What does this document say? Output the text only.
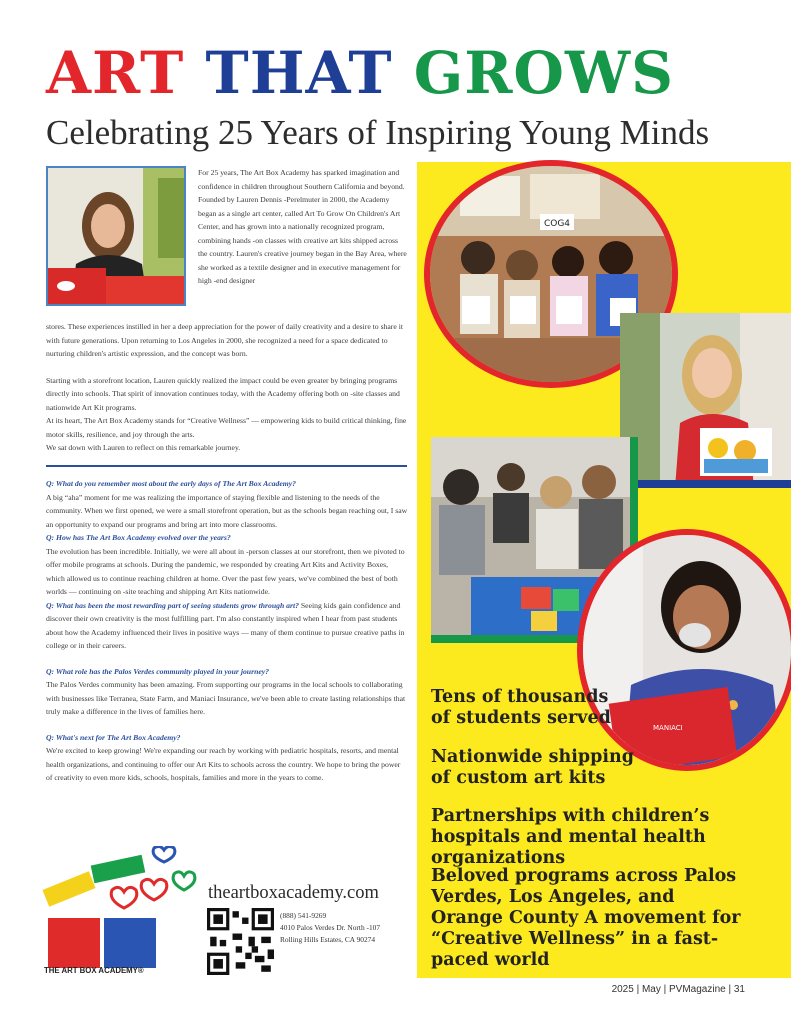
ART THAT GROWS
Celebrating 25 Years of Inspiring Young Minds
For 25 years, The Art Box Academy has sparked imagination and confidence in children throughout Southern California and beyond. Founded by Lauren Dennis -Perelmuter in 2000, the Academy began as a single art center, called Art To Grow On Children's Art Center, and has grown into a nationally recognized program, combining hands -on classes with creative art kits shipped across the country. Lauren's creative journey began in the Bay Area, where she worked as a textile designer and in executive management for high -end designer

stores. These experiences instilled in her a deep appreciation for the power of daily creativity and a desire to share it with future generations. Upon returning to Los Angeles in 2000, she recognized a need for a space dedicated to nurturing children's artistic expression, and the concept was born.

Starting with a storefront location, Lauren quickly realized the impact could be even greater by bringing programs directly into schools. That spirit of innovation continues today, with the Academy offering both on -site classes and nationwide Art Kit programs.

At its heart, The Art Box Academy stands for “Creative Wellness” — empowering kids to build critical thinking, fine motor skills, resilience, and joy through the arts.

We sat down with Lauren to reflect on this remarkable journey.

Q: What do you remember most about the early days of The Art Box Academy?

A big “aha” moment for me was realizing the importance of staying flexible and listening to the needs of the community. When we first opened, we were a small storefront operation, but as the schools began reaching out, I saw an opportunity to expand our programs and bring art into more classrooms.

Q: How has The Art Box Academy evolved over the years?

The evolution has been incredible. Initially, we were all about in -person classes at our storefront, then we pivoted to offer mobile programs at schools. During the pandemic, we responded by creating Art Kits and Activity Boxes, which allowed us to continue reaching children at home. Over the past few years, we've combined the best of both worlds — continuing on -site teaching and shipping Art Kits nationwide.

Q: What has been the most rewarding part of seeing students grow through art? Seeing kids gain confidence and discover their own creativity is the most fulfilling part. I'm also constantly inspired when I hear from past students about how the Academy influenced their lives in positive ways — many of them continue to pursue creative paths in college or in their careers.

Q: What role has the Palos Verdes community played in your journey?

The Palos Verdes community has been amazing. From supporting our programs in the local schools to collaborating with businesses like Terranea, State Farm, and Maniaci Insurance, we've been able to create lasting relationships that truly make a difference in the lives of families here.

Q: What's next for The Art Box Academy?

We're excited to keep growing! We're expanding our reach by working with pediatric hospitals, resorts, and mental health organizations, and continuing to offer our Art Kits to schools across the country. We hope to bring the power of creativity to even more kids, schools, hospitals, families and more in the years to come.

COG4
MANIACI
Tens of thousands of students served
Nationwide shipping of custom art kits
Partnerships with children’s hospitals and mental health organizations
Beloved programs across Palos Verdes, Los Angeles, and Orange County A movement for “Creative Wellness” in a fast-paced world
THE ART BOX ACADEMY®
theartboxacademy.com
(888) 541-9269
4010 Palos Verdes Dr. North -107
Rolling Hills Estates, CA 90274
2025 | May | PVMagazine | 31
